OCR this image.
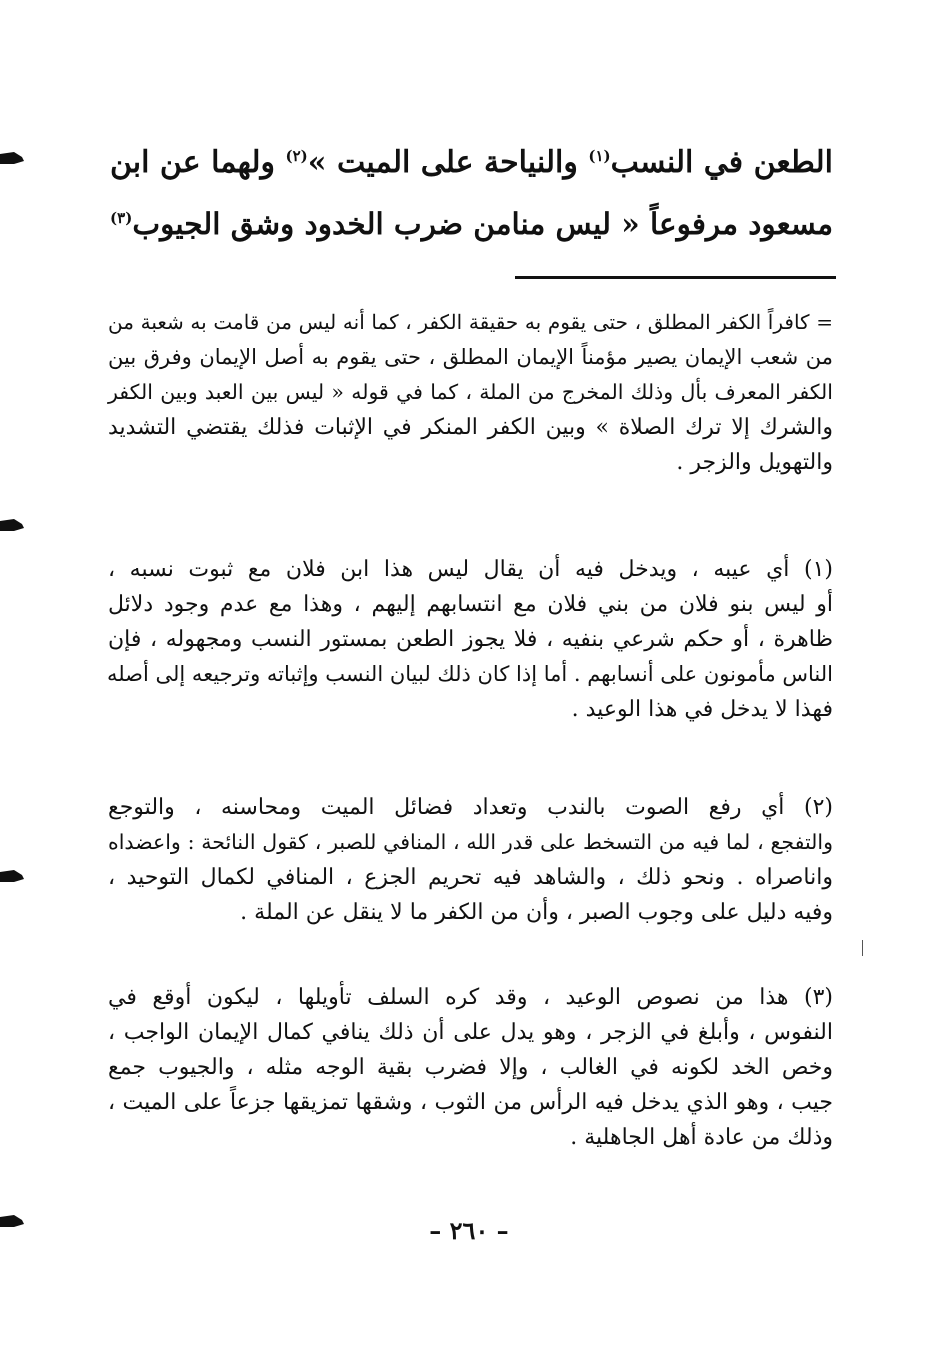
الطعن في النسب$^{(١)}$ والنياحة على الميت »$^{(٢)}$ ولهما عن ابن
مسعود مرفوعاً « ليس منامن ضرب الخدود وشق الجيوب$^{(٣)}$
= كافراً الكفر المطلق ، حتى يقوم به حقيقة الكفر ، كما أنه ليس من قامت به شعبة من
من شعب الإيمان يصير مؤمناً الإيمان المطلق ، حتى يقوم به أصل الإيمان وفرق بين
الكفر المعرف بأل وذلك المخرج من الملة ، كما في قوله « ليس بين العبد وبين الكفر
والشرك إلا ترك الصلاة » وبين الكفر المنكر في الإثبات فذلك يقتضي التشديد
والتهويل والزجر .
(١) أي عيبه ، ويدخل فيه أن يقال ليس هذا ابن فلان مع ثبوت نسبه ،
أو ليس بنو فلان من بني فلان مع انتسابهم إليهم ، وهذا مع عدم وجود دلائل
ظاهرة ، أو حكم شرعي بنفيه ، فلا يجوز الطعن بمستور النسب ومجهوله ، فإن
الناس مأمونون على أنسابهم . أما إذا كان ذلك لبيان النسب وإثباته وترجيعه إلى أصله
فهذا لا يدخل في هذا الوعيد .
(٢) أي رفع الصوت بالندب وتعداد فضائل الميت ومحاسنه ، والتوجع
والتفجع ، لما فيه من التسخط على قدر الله ، المنافي للصبر ، كقول النائحة : واعضداه
واناصراه . ونحو ذلك ، والشاهد فيه تحريم الجزع ، المنافي لكمال التوحيد ،
وفيه دليل على وجوب الصبر ، وأن من الكفر ما لا ينقل عن الملة .
(٣) هذا من نصوص الوعيد ، وقد كره السلف تأويلها ، ليكون أوقع في
النفوس ، وأبلغ في الزجر ، وهو يدل على أن ذلك ينافي كمال الإيمان الواجب ،
وخص الخد لكونه في الغالب ، وإلا فضرب بقية الوجه مثله ، والجيوب جمع
جيب ، وهو الذي يدخل فيه الرأس من الثوب ، وشقها تمزيقها جزعاً على الميت ،
وذلك من عادة أهل الجاهلية .
– ٢٦٠ –
